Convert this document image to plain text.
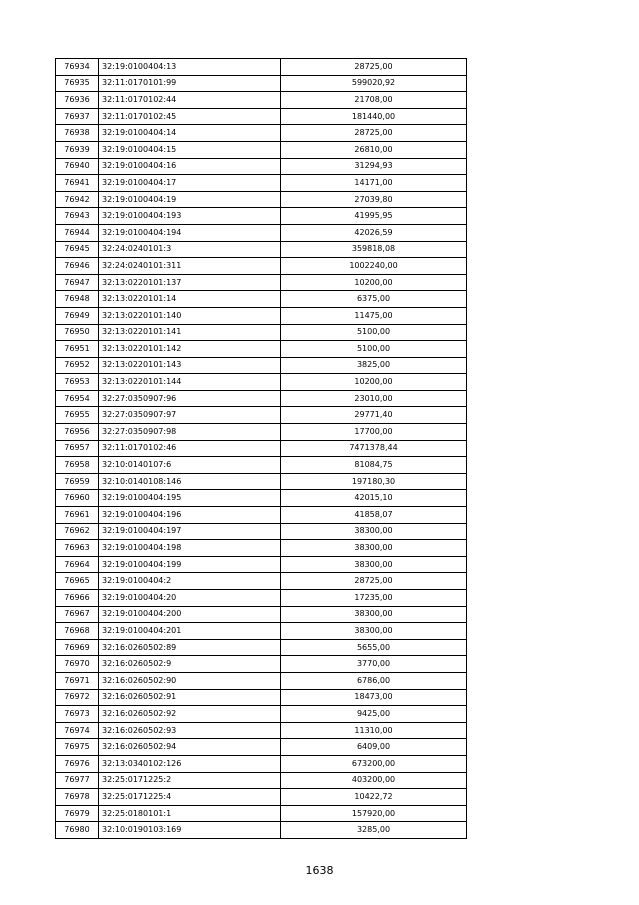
76934	32:19:0100404:13	28725,00
76935	32:11:0170101:99	599020,92
76936	32:11:0170102:44	21708,00
76937	32:11:0170102:45	181440,00
76938	32:19:0100404:14	28725,00
76939	32:19:0100404:15	26810,00
76940	32:19:0100404:16	31294,93
76941	32:19:0100404:17	14171,00
76942	32:19:0100404:19	27039,80
76943	32:19:0100404:193	41995,95
76944	32:19:0100404:194	42026,59
76945	32:24:0240101:3	359818,08
76946	32:24:0240101:311	1002240,00
76947	32:13:0220101:137	10200,00
76948	32:13:0220101:14	6375,00
76949	32:13:0220101:140	11475,00
76950	32:13:0220101:141	5100,00
76951	32:13:0220101:142	5100,00
76952	32:13:0220101:143	3825,00
76953	32:13:0220101:144	10200,00
76954	32:27:0350907:96	23010,00
76955	32:27:0350907:97	29771,40
76956	32:27:0350907:98	17700,00
76957	32:11:0170102:46	7471378,44
76958	32:10:0140107:6	81084,75
76959	32:10:0140108:146	197180,30
76960	32:19:0100404:195	42015,10
76961	32:19:0100404:196	41858,07
76962	32:19:0100404:197	38300,00
76963	32:19:0100404:198	38300,00
76964	32:19:0100404:199	38300,00
76965	32:19:0100404:2	28725,00
76966	32:19:0100404:20	17235,00
76967	32:19:0100404:200	38300,00
76968	32:19:0100404:201	38300,00
76969	32:16:0260502:89	5655,00
76970	32:16:0260502:9	3770,00
76971	32:16:0260502:90	6786,00
76972	32:16:0260502:91	18473,00
76973	32:16:0260502:92	9425,00
76974	32:16:0260502:93	11310,00
76975	32:16:0260502:94	6409,00
76976	32:13:0340102:126	673200,00
76977	32:25:0171225:2	403200,00
76978	32:25:0171225:4	10422,72
76979	32:25:0180101:1	157920,00
76980	32:10:0190103:169	3285,00
1638
